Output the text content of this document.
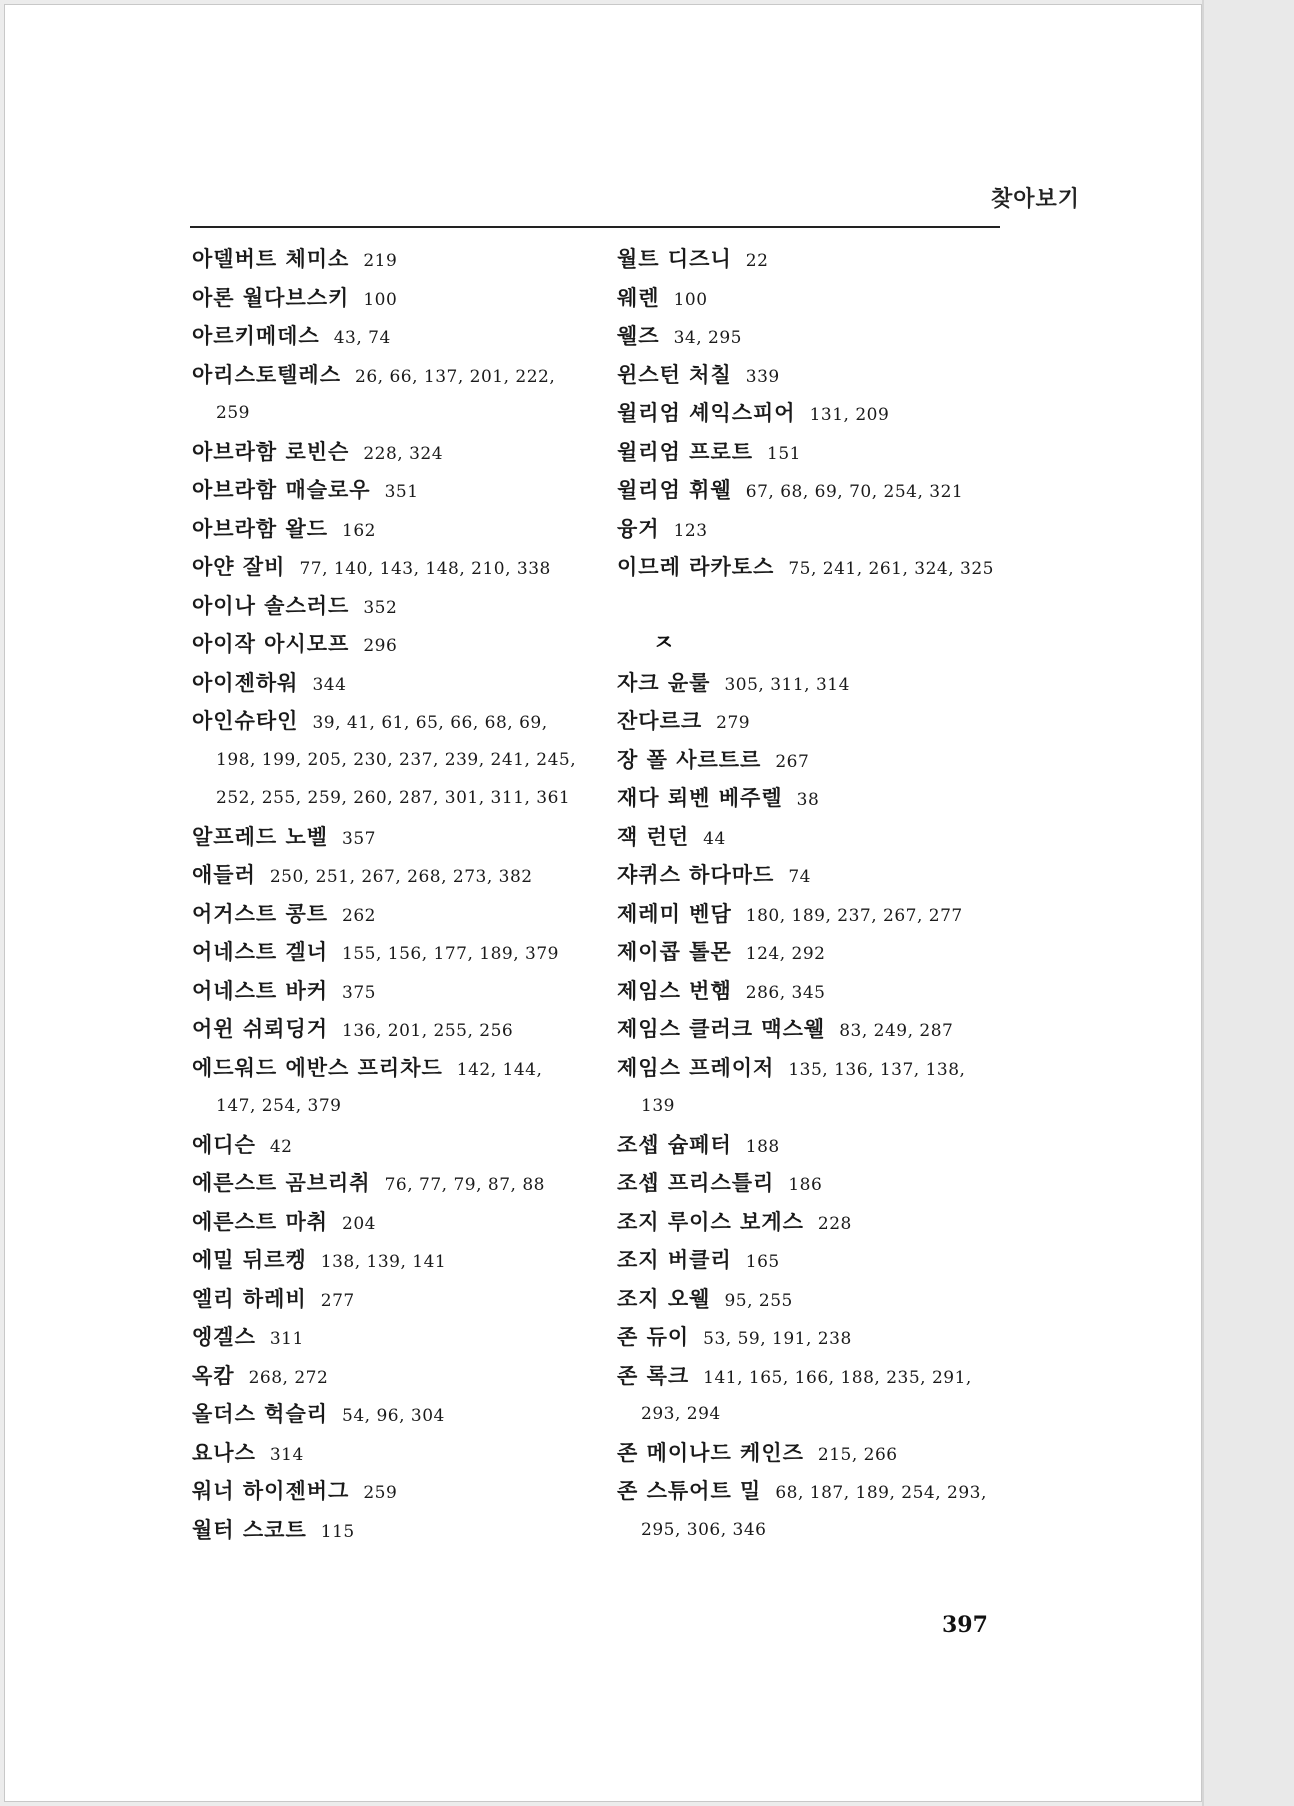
찾아보기
아델버트 체미소 219
아론 월다브스키 100
아르키메데스 43, 74
아리스토텔레스 26, 66, 137, 201, 222,
259
아브라함 로빈슨 228, 324
아브라함 매슬로우 351
아브라함 왈드 162
아얀 잘비 77, 140, 143, 148, 210, 338
아이나 솔스러드 352
아이작 아시모프 296
아이젠하워 344
아인슈타인 39, 41, 61, 65, 66, 68, 69,
198, 199, 205, 230, 237, 239, 241, 245,
252, 255, 259, 260, 287, 301, 311, 361
알프레드 노벨 357
애들러 250, 251, 267, 268, 273, 382
어거스트 콩트 262
어네스트 겔너 155, 156, 177, 189, 379
어네스트 바커 375
어윈 쉬뢰딩거 136, 201, 255, 256
에드워드 에반스 프리차드 142, 144,
147, 254, 379
에디슨 42
에른스트 곰브리취 76, 77, 79, 87, 88
에른스트 마취 204
에밀 뒤르켕 138, 139, 141
엘리 하레비 277
엥겔스 311
옥캄 268, 272
올더스 헉슬리 54, 96, 304
요나스 314
워너 하이젠버그 259
월터 스코트 115
월트 디즈니 22
웨렌 100
웰즈 34, 295
윈스턴 처칠 339
윌리엄 셰익스피어 131, 209
윌리엄 프로트 151
윌리엄 휘웰 67, 68, 69, 70, 254, 321
융거 123
이므레 라카토스 75, 241, 261, 324, 325
ㅈ
자크 윤룰 305, 311, 314
잔다르크 279
장 폴 사르트르 267
재다 뢰벤 베주렐 38
잭 런던 44
쟈퀴스 하다마드 74
제레미 벤담 180, 189, 237, 267, 277
제이콥 톨몬 124, 292
제임스 번햄 286, 345
제임스 클러크 맥스웰 83, 249, 287
제임스 프레이저 135, 136, 137, 138,
139
조셉 슘페터 188
조셉 프리스틀리 186
조지 루이스 보게스 228
조지 버클리 165
조지 오웰 95, 255
존 듀이 53, 59, 191, 238
존 록크 141, 165, 166, 188, 235, 291,
293, 294
존 메이나드 케인즈 215, 266
존 스튜어트 밀 68, 187, 189, 254, 293,
295, 306, 346
397
